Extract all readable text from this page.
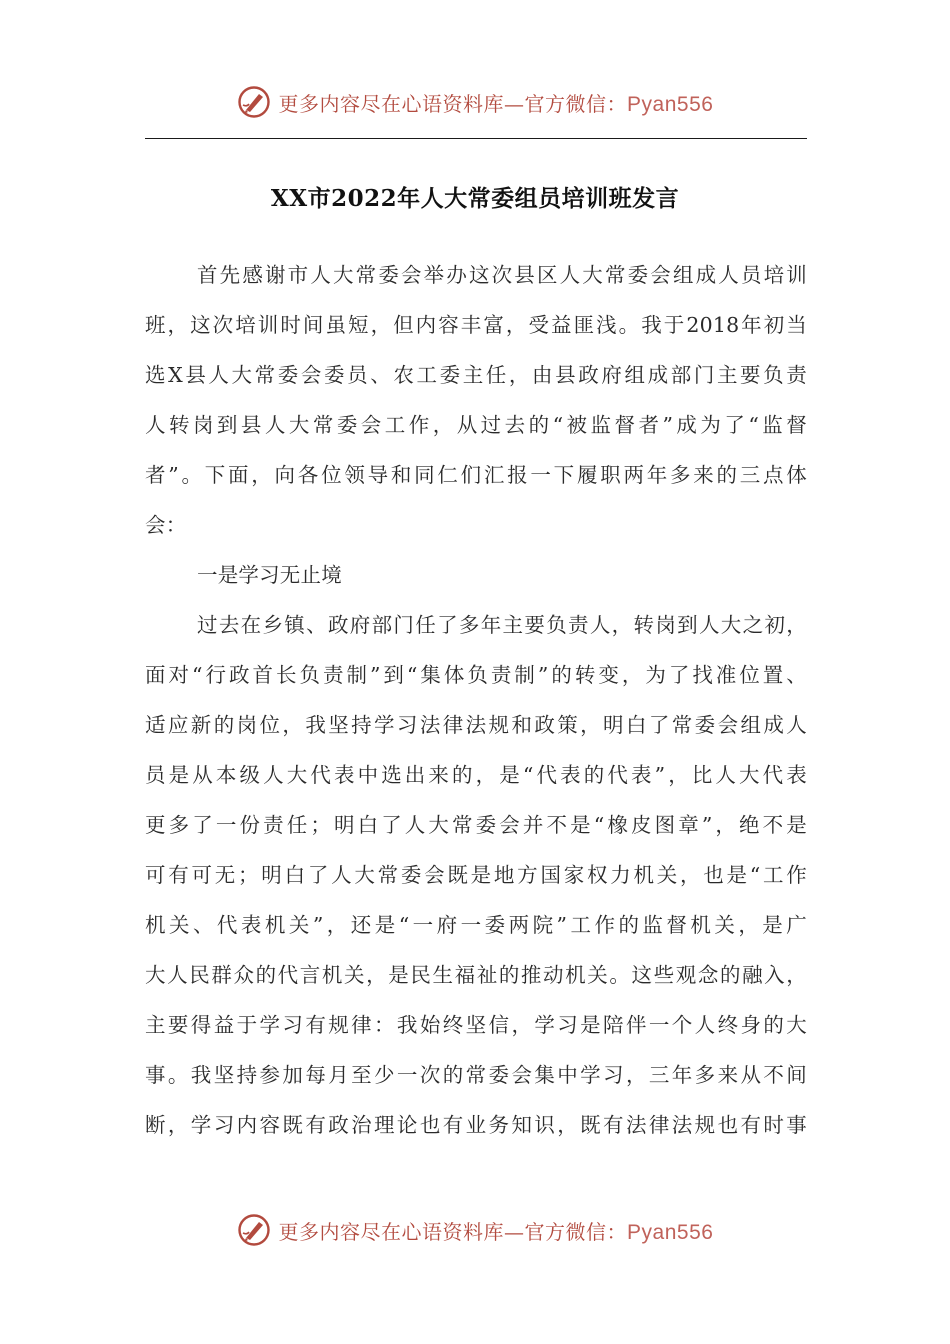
更多内容尽在心语资料库—官方微信：Pyan556
XX市2022年人大常委组员培训班发言
首先感谢市人大常委会举办这次县区人大常委会组成人员培训
班，这次培训时间虽短，但内容丰富，受益匪浅。我于2018年初当
选X县人大常委会委员、农工委主任，由县政府组成部门主要负责
人转岗到县人大常委会工作，从过去的“被监督者”成为了“监督
者”。下面，向各位领导和同仁们汇报一下履职两年多来的三点体
会：
一是学习无止境
过去在乡镇、政府部门任了多年主要负责人，转岗到人大之初，
面对“行政首长负责制”到“集体负责制”的转变，为了找准位置、
适应新的岗位，我坚持学习法律法规和政策，明白了常委会组成人
员是从本级人大代表中选出来的，是“代表的代表”，比人大代表
更多了一份责任；明白了人大常委会并不是“橡皮图章”，绝不是
可有可无；明白了人大常委会既是地方国家权力机关，也是“工作
机关、代表机关”，还是“一府一委两院”工作的监督机关，是广
大人民群众的代言机关，是民生福祉的推动机关。这些观念的融入，
主要得益于学习有规律：我始终坚信，学习是陪伴一个人终身的大
事。我坚持参加每月至少一次的常委会集中学习，三年多来从不间
断，学习内容既有政治理论也有业务知识，既有法律法规也有时事
更多内容尽在心语资料库—官方微信：Pyan556
